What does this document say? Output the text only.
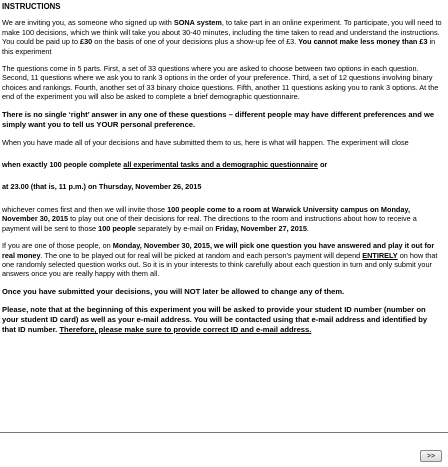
INSTRUCTIONS

We are inviting you, as someone who signed up with SONA system, to take part in an online experiment. To participate, you will need to make 100 decisions, which we think will take you about 30-40 minutes, including the time taken to read and understand the instructions. You could be paid up to £30 on the basis of one of your decisions plus a show-up fee of £3. You cannot make less money than £3 in this experiment

The questions come in 5 parts. First, a set of 33 questions where you are asked to choose between two options in each question. Second, 11 questions where we ask you to rank 3 options in the order of your preference. Third, a set of 12 questions involving binary choices and rankings. Fourth, another set of 33 binary choice questions. Fifth, another 11 questions asking you to rank 3 options. At the end of the experiment you will also be asked to complete a brief demographic questionnaire.

There is no single ‘right’ answer in any one of these questions – different people may have different preferences and we simply want you to tell us YOUR personal preference.

When you have made all of your decisions and have submitted them to us, here is what will happen. The experiment will close

when exactly 100 people complete all experimental tasks and a demographic questionnaire or

at 23.00 (that is, 11 p.m.) on Thursday, November 26, 2015

whichever comes first and then we will invite those 100 people come to a room at Warwick University campus on Monday, November 30, 2015 to play out one of their decisions for real. The directions to the room and instructions about how to receive a payment will be sent to those 100 people separately by e-mail on Friday, November 27, 2015.

If you are one of those people, on Monday, November 30, 2015, we will pick one question you have answered and play it out for real money. The one to be played out for real will be picked at random and each person's payment will depend ENTIRELY on how that one randomly selected question works out. So it is in your interests to think carefully about each question in turn and only submit your answers once you are really happy with them all.

Once you have submitted your decisions, you will NOT later be allowed to change any of them.

Please, note that at the beginning of this experiment you will be asked to provide your student ID number (number on your student ID card) as well as your e-mail address. You will be contacted using that e-mail address and identified by that ID number. Therefore, please make sure to provide correct ID and e-mail address.

>>
